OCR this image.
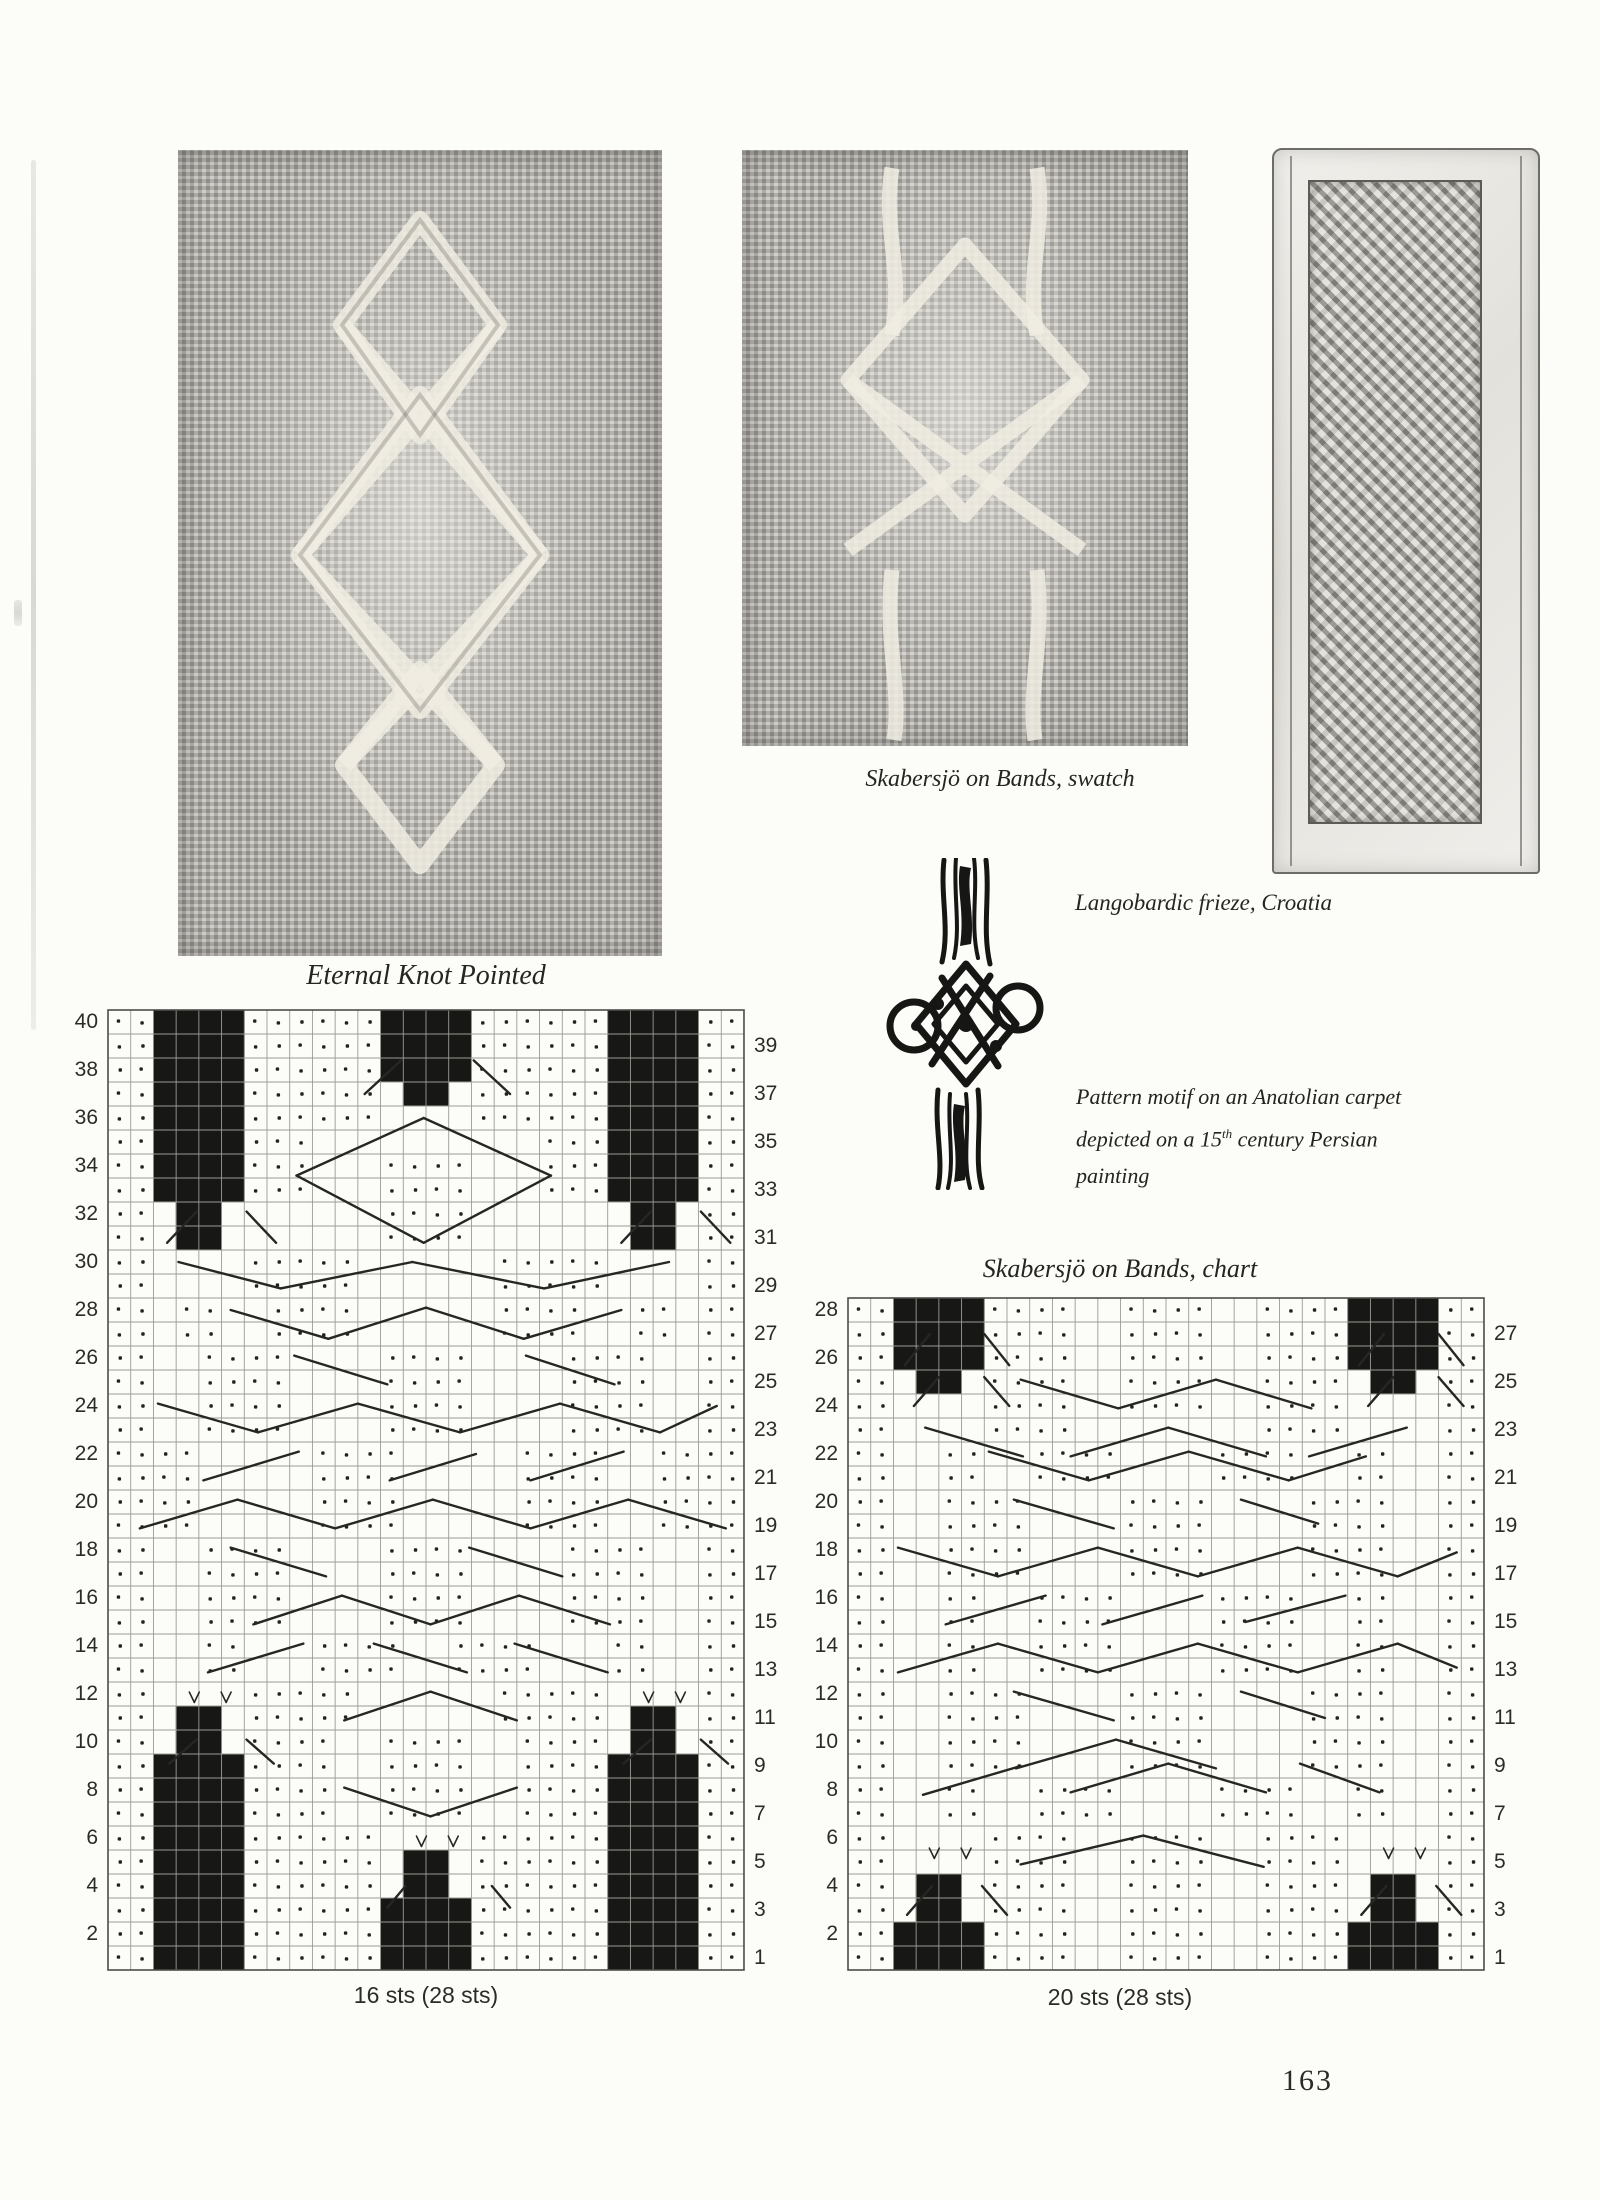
Eternal Knot Pointed
Skabersjö on Bands, swatch
Langobardic frieze, Croatia
Pattern motif on an Anatolian carpet
depicted on a 15th century Persian
painting
Skabersjö on Bands, chart
16 sts (28 sts)	20 sts (28 sts)
163
40
38
36
34
32
30
28
26
24
22
20
18
16
14
12
10
8
6
4
2
39
37
35
33
31
29
27
25
23
21
19
17
15
13
11
9
7
5
3
1
28
26
24
22
20
18
16
14
12
10
8
6
4
2
27
25
23
21
19
17
15
13
11
9
7
5
3
1
